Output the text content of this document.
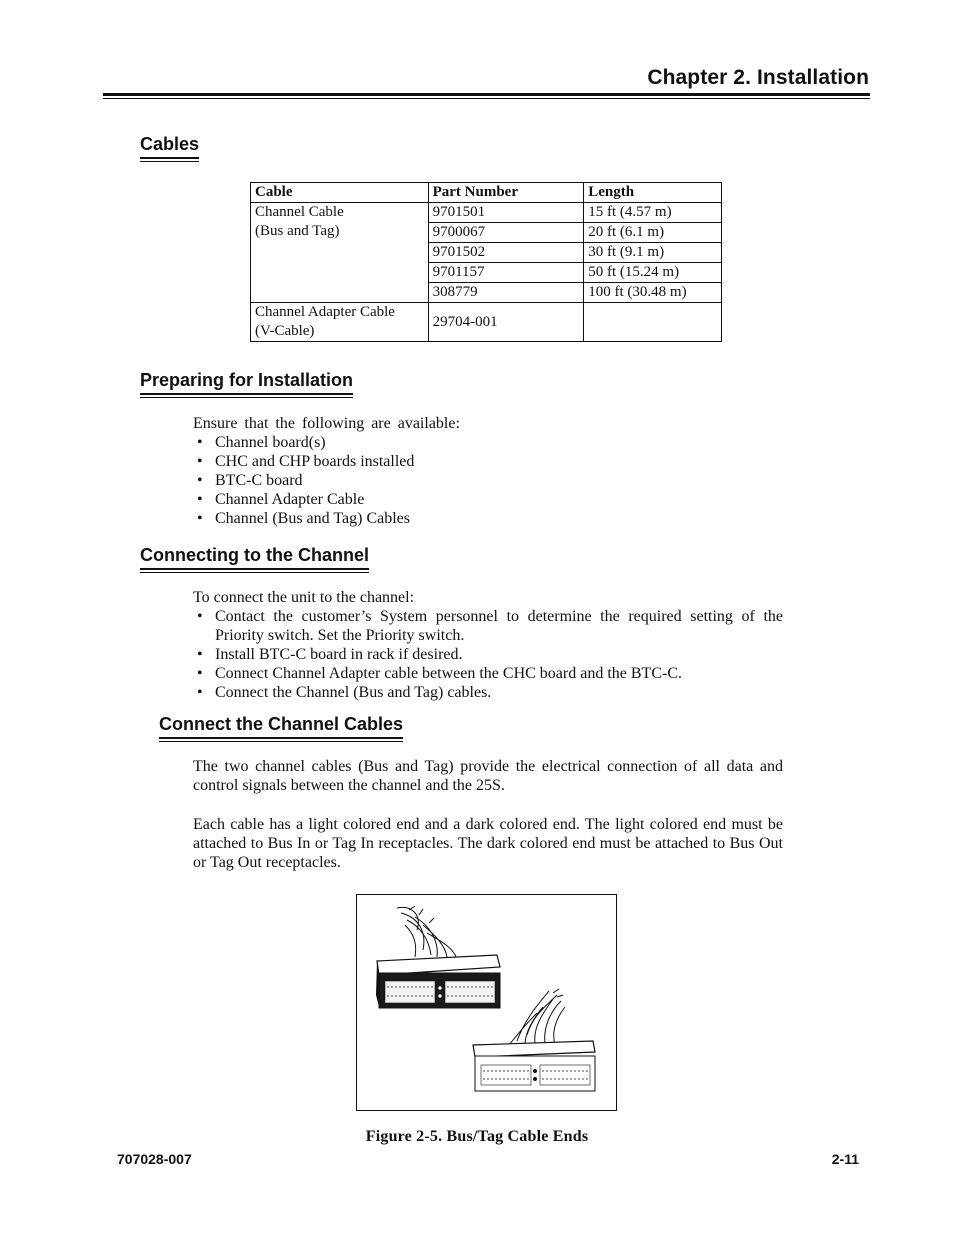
Chapter 2. Installation
Cables
Cable	Part Number	Length

Channel Cable
(Bus and Tag)	9701501	15 ft (4.57 m)
	9700067	20 ft (6.1 m)
	9701502	30 ft (9.1 m)
	9701157	50 ft (15.24 m)
	308779	100 ft (30.48 m)

Channel Adapter Cable
(V-Cable)	29704-001	
Preparing for Installation

Ensure that the following are available:

• Channel board(s)
• CHC and CHP boards installed
• BTC-C board
• Channel Adapter Cable
• Channel (Bus and Tag) Cables
Connecting to the Channel

To connect the unit to the channel:

• Contact the customer’s System personnel to determine the required setting of the Priority switch. Set the Priority switch.
• Install BTC-C board in rack if desired.
• Connect Channel Adapter cable between the CHC board and the BTC-C.
• Connect the Channel (Bus and Tag) cables.
Connect the Channel Cables

The two channel cables (Bus and Tag) provide the electrical connection of all data and control signals between the channel and the 25S.

Each cable has a light colored end and a dark colored end. The light colored end must be attached to Bus In or Tag In receptacles. The dark colored end must be attached to Bus Out or Tag Out receptacles.

Figure 2-5. Bus/Tag Cable Ends
707028-007	2-11
